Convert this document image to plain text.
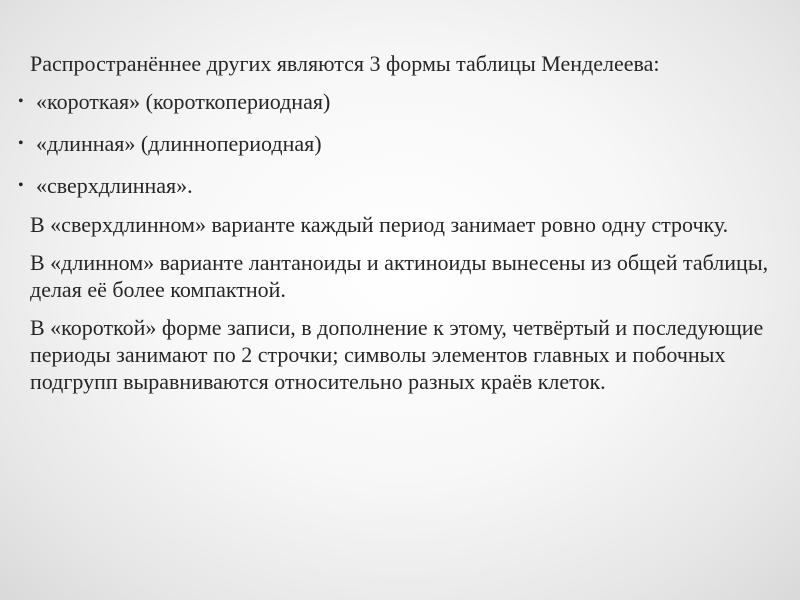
Распространённее других являются 3 формы таблицы Менделеева:

• «короткая» (короткопериодная)
• «длинная» (длиннопериодная)
• «сверхдлинная».

В «сверхдлинном» варианте каждый период занимает ровно одну строчку.

В «длинном» варианте лантаноиды и актиноиды вынесены из общей таблицы, делая её более компактной.

В «короткой» форме записи, в дополнение к этому, четвёртый и последующие периоды занимают по 2 строчки; символы элементов главных и побочных подгрупп выравниваются относительно разных краёв клеток.
